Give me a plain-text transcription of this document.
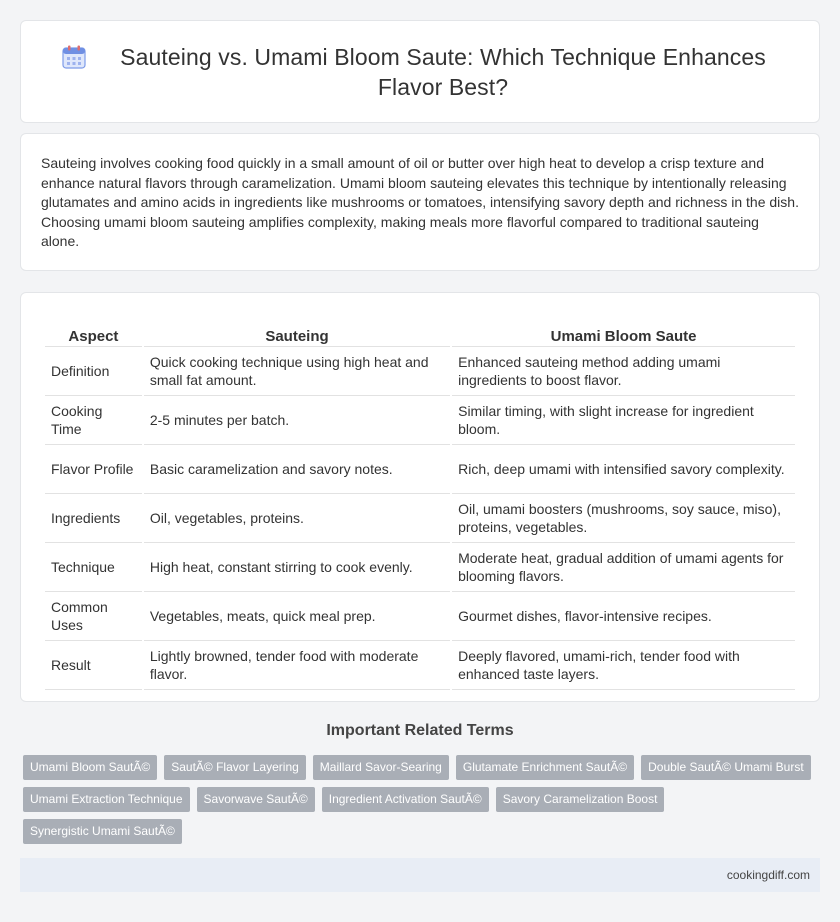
Sauteing vs. Umami Bloom Saute: Which Technique Enhances Flavor Best?

Sauteing involves cooking food quickly in a small amount of oil or butter over high heat to develop a crisp texture and enhance natural flavors through caramelization. Umami bloom sauteing elevates this technique by intentionally releasing glutamates and amino acids in ingredients like mushrooms or tomatoes, intensifying savory depth and richness in the dish. Choosing umami bloom sauteing amplifies complexity, making meals more flavorful compared to traditional sauteing alone.

Aspect	Sauteing	Umami Bloom Saute
Definition	Quick cooking technique using high heat and small fat amount.	Enhanced sauteing method adding umami ingredients to boost flavor.
Cooking Time	2-5 minutes per batch.	Similar timing, with slight increase for ingredient bloom.
Flavor Profile	Basic caramelization and savory notes.	Rich, deep umami with intensified savory complexity.
Ingredients	Oil, vegetables, proteins.	Oil, umami boosters (mushrooms, soy sauce, miso), proteins, vegetables.
Technique	High heat, constant stirring to cook evenly.	Moderate heat, gradual addition of umami agents for blooming flavors.
Common Uses	Vegetables, meats, quick meal prep.	Gourmet dishes, flavor-intensive recipes.
Result	Lightly browned, tender food with moderate flavor.	Deeply flavored, umami-rich, tender food with enhanced taste layers.
Important Related Terms
Umami Bloom SautÃ©	SautÃ© Flavor Layering	Maillard Savor-Searing	Glutamate Enrichment SautÃ©	Double SautÃ© Umami Burst
Umami Extraction Technique	Savorwave SautÃ©	Ingredient Activation SautÃ©	Savory Caramelization Boost
Synergistic Umami SautÃ©
cookingdiff.com
